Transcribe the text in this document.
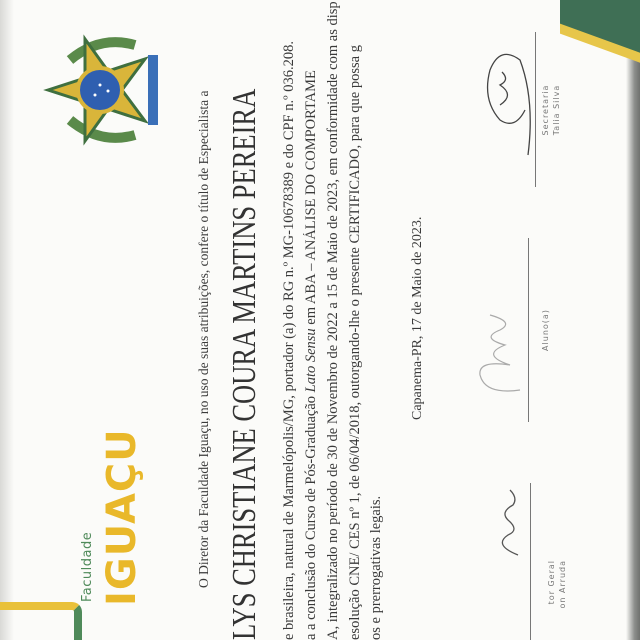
Faculdade IGUAÇU	O Diretor da Faculdade Iguaçu, no uso de suas atribuições, confere o título de Especialista a LYS CHRISTIANE COURA MARTINS PEREIRA e brasileira, natural de Marmelópolis/MG, portador (a) do RG n.º MG-10678389 e do CPF n.º 036.208. a a conclusão do Curso de Pós-Graduação Lato Sensu em ABA – ANÁLISE DO COMPORTAME A, integralizado no período de 30 de Novembro de 2022 a 15 de Maio de 2023, em conformidade com as disp esolução CNE/ CES nº 1, de 06/04/2018, outorgando-lhe o presente CERTIFICADO, para que possa g os e prerrogativas legais.
Capanema-PR, 17 de Maio de 2023.
tor Geral on Arruda
Aluno(a)
Secretaria Talia Silva
